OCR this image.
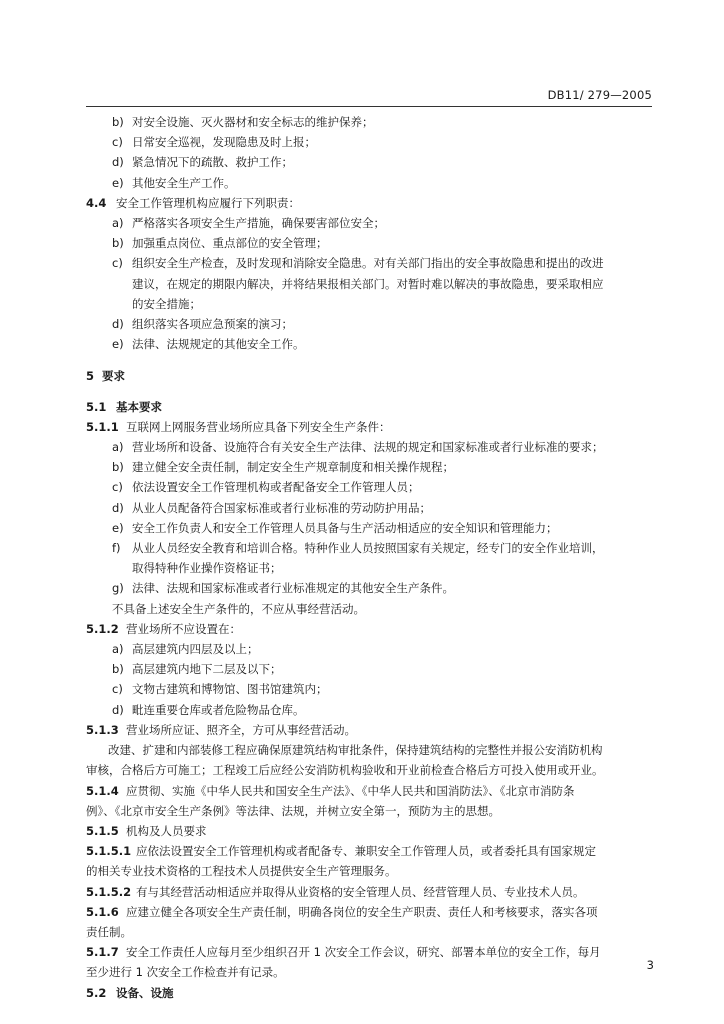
DB11/ 279—2005
b) 对安全设施、灭火器材和安全标志的维护保养；
c) 日常安全巡视，发现隐患及时上报；
d) 紧急情况下的疏散、救护工作；
e) 其他安全生产工作。
4.4 安全工作管理机构应履行下列职责：
a) 严格落实各项安全生产措施，确保要害部位安全；
b) 加强重点岗位、重点部位的安全管理；
c) 组织安全生产检查，及时发现和消除安全隐患。对有关部门指出的安全事故隐患和提出的改进
建议，在规定的期限内解决，并将结果报相关部门。对暂时难以解决的事故隐患，要采取相应
的安全措施；
d) 组织落实各项应急预案的演习；
e) 法律、法规规定的其他安全工作。
5 要求
5.1 基本要求
5.1.1 互联网上网服务营业场所应具备下列安全生产条件：
a) 营业场所和设备、设施符合有关安全生产法律、法规的规定和国家标准或者行业标准的要求；
b) 建立健全安全责任制，制定安全生产规章制度和相关操作规程；
c) 依法设置安全工作管理机构或者配备安全工作管理人员；
d) 从业人员配备符合国家标准或者行业标准的劳动防护用品；
e) 安全工作负责人和安全工作管理人员具备与生产活动相适应的安全知识和管理能力；
f) 从业人员经安全教育和培训合格。特种作业人员按照国家有关规定，经专门的安全作业培训，
取得特种作业操作资格证书；
g) 法律、法规和国家标准或者行业标准规定的其他安全生产条件。
不具备上述安全生产条件的，不应从事经营活动。
5.1.2 营业场所不应设置在：
a) 高层建筑内四层及以上；
b) 高层建筑内地下二层及以下；
c) 文物古建筑和博物馆、图书馆建筑内；
d) 毗连重要仓库或者危险物品仓库。
5.1.3 营业场所应证、照齐全，方可从事经营活动。
改建、扩建和内部装修工程应确保原建筑结构审批条件，保持建筑结构的完整性并报公安消防机构
审核，合格后方可施工；工程竣工后应经公安消防机构验收和开业前检查合格后方可投入使用或开业。
5.1.4 应贯彻、实施《中华人民共和国安全生产法》、《中华人民共和国消防法》、《北京市消防条
例》、《北京市安全生产条例》等法律、法规，并树立安全第一，预防为主的思想。
5.1.5 机构及人员要求
5.1.5.1 应依法设置安全工作管理机构或者配备专、兼职安全工作管理人员，或者委托具有国家规定
的相关专业技术资格的工程技术人员提供安全生产管理服务。
5.1.5.2 有与其经营活动相适应并取得从业资格的安全管理人员、经营管理人员、专业技术人员。
5.1.6 应建立健全各项安全生产责任制，明确各岗位的安全生产职责、责任人和考核要求，落实各项
责任制。
5.1.7 安全工作责任人应每月至少组织召开 1 次安全工作会议，研究、部署本单位的安全工作，每月
至少进行 1 次安全工作检查并有记录。
5.2 设备、设施
3
